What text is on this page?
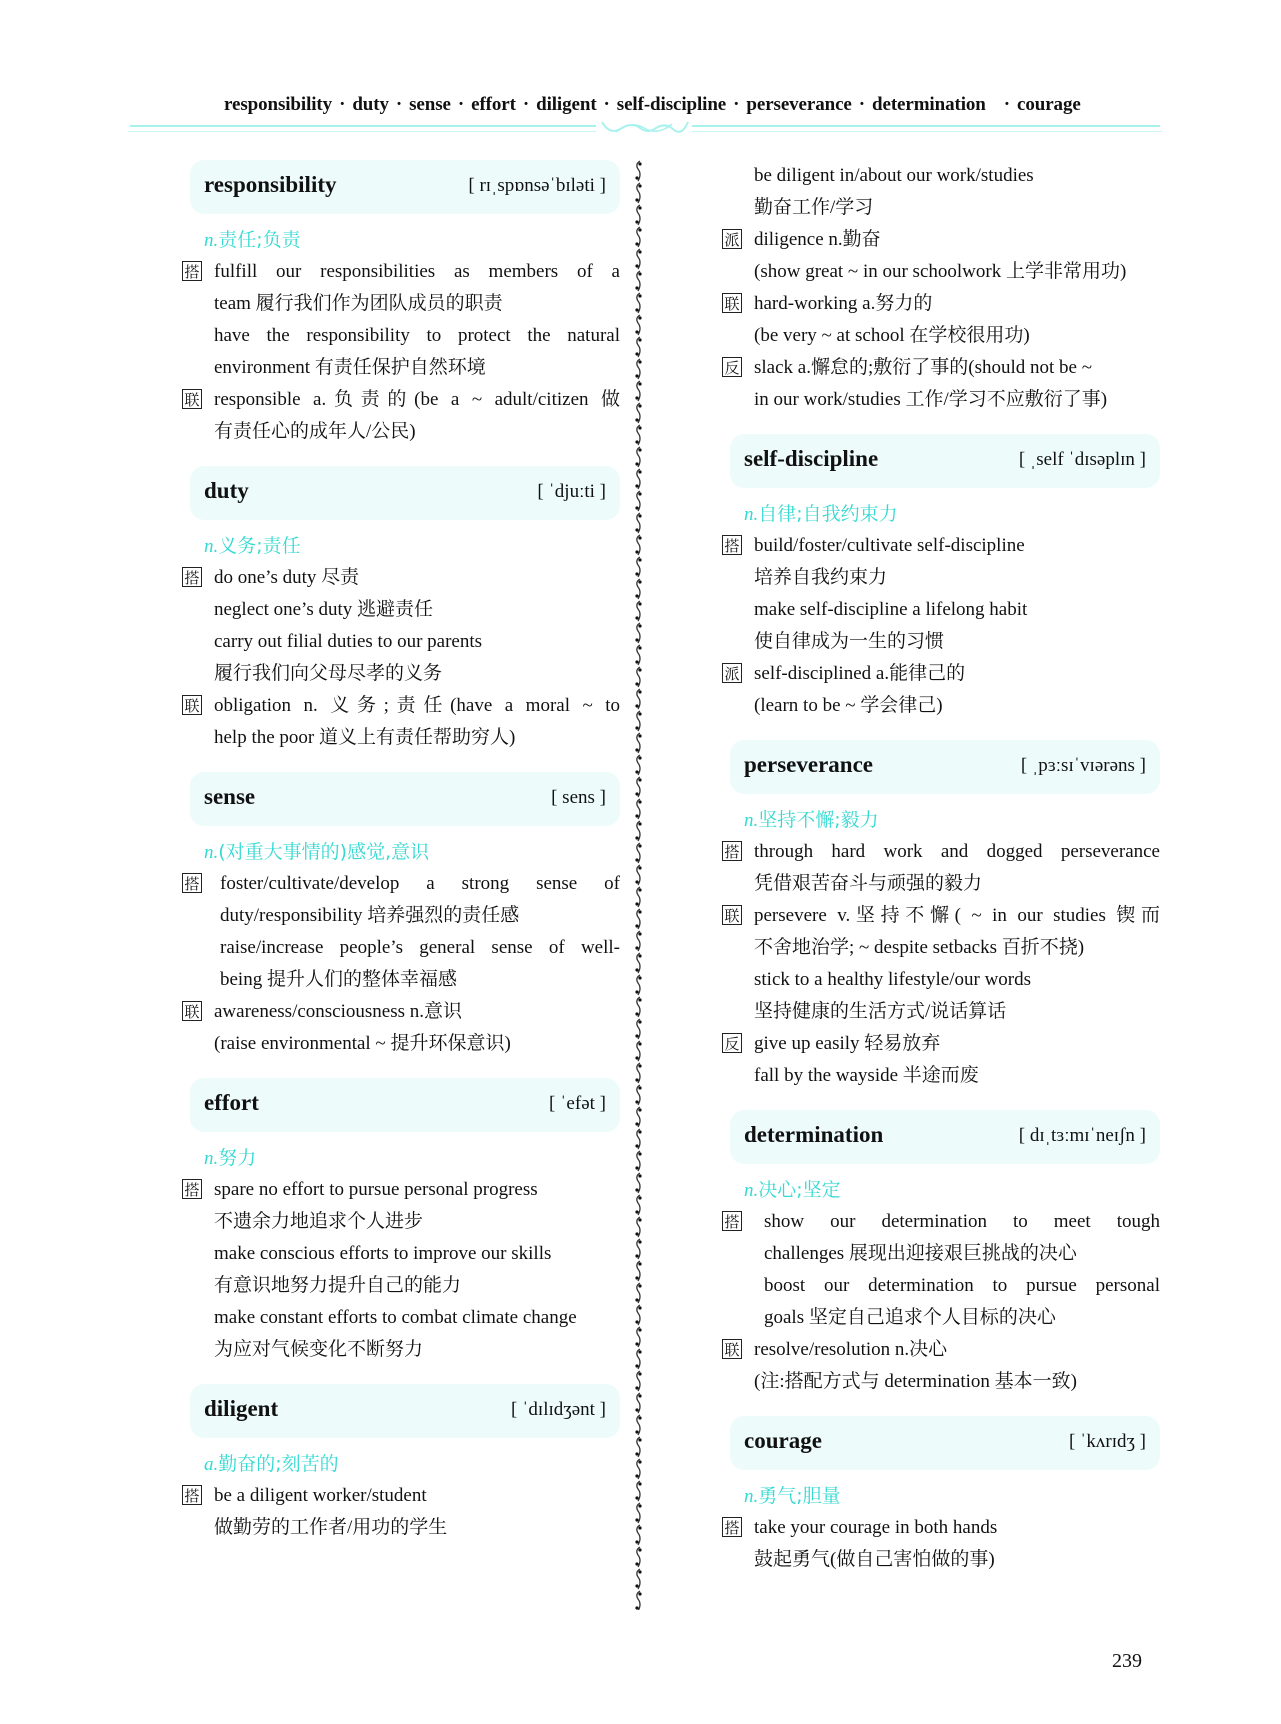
responsibility · duty · sense · effort · diligent · self-discipline · perseverance · determination · courage
responsibility	[ rɪˌspɒnsəˈbɪləti ]
n.责任;负责
搭 fulfill our responsibilities as members of a
team 履行我们作为团队成员的职责
have the responsibility to protect the natural
environment 有责任保护自然环境
联 responsible a.负责的(be a ~ adult/citizen 做
有责任心的成年人/公民)
duty	[ ˈdjuːti ]
n.义务;责任
搭 do one’s duty 尽责
neglect one’s duty 逃避责任
carry out filial duties to our parents
履行我们向父母尽孝的义务
联 obligation n. 义务;责任(have a moral ~ to
help the poor 道义上有责任帮助穷人)
sense	[ sens ]
n.(对重大事情的)感觉,意识
搭 foster/cultivate/develop a strong sense of
duty/responsibility 培养强烈的责任感
raise/increase people’s general sense of well-
being 提升人们的整体幸福感
联 awareness/consciousness n.意识
(raise environmental ~ 提升环保意识)
effort	[ ˈefət ]
n.努力
搭 spare no effort to pursue personal progress
不遗余力地追求个人进步
make conscious efforts to improve our skills
有意识地努力提升自己的能力
make constant efforts to combat climate change
为应对气候变化不断努力
diligent	[ ˈdɪlɪdʒənt ]
a.勤奋的;刻苦的
搭 be a diligent worker/student
做勤劳的工作者/用功的学生
be diligent in/about our work/studies
勤奋工作/学习
派 diligence n.勤奋
(show great ~ in our schoolwork 上学非常用功)
联 hard-working a.努力的
(be very ~ at school 在学校很用功)
反 slack a.懈怠的;敷衍了事的(should not be ~
in our work/studies 工作/学习不应敷衍了事)
self-discipline	[ ˌself ˈdɪsəplɪn ]
n.自律;自我约束力
搭 build/foster/cultivate self-discipline
培养自我约束力
make self-discipline a lifelong habit
使自律成为一生的习惯
派 self-disciplined a.能律己的
(learn to be ~ 学会律己)
perseverance	[ ˌpɜːsɪˈvɪərəns ]
n.坚持不懈;毅力
搭 through hard work and dogged perseverance
凭借艰苦奋斗与顽强的毅力
联 persevere v.坚持不懈( ~ in our studies 锲而
不舍地治学; ~ despite setbacks 百折不挠)
stick to a healthy lifestyle/our words
坚持健康的生活方式/说话算话
反 give up easily 轻易放弃
fall by the wayside 半途而废
determination	[ dɪˌtɜːmɪˈneɪʃn ]
n.决心;坚定
搭 show our determination to meet tough
challenges 展现出迎接艰巨挑战的决心
boost our determination to pursue personal
goals 坚定自己追求个人目标的决心
联 resolve/resolution n.决心
(注:搭配方式与 determination 基本一致)
courage	[ ˈkʌrɪdʒ ]
n.勇气;胆量
搭 take your courage in both hands
鼓起勇气(做自己害怕做的事)
239
